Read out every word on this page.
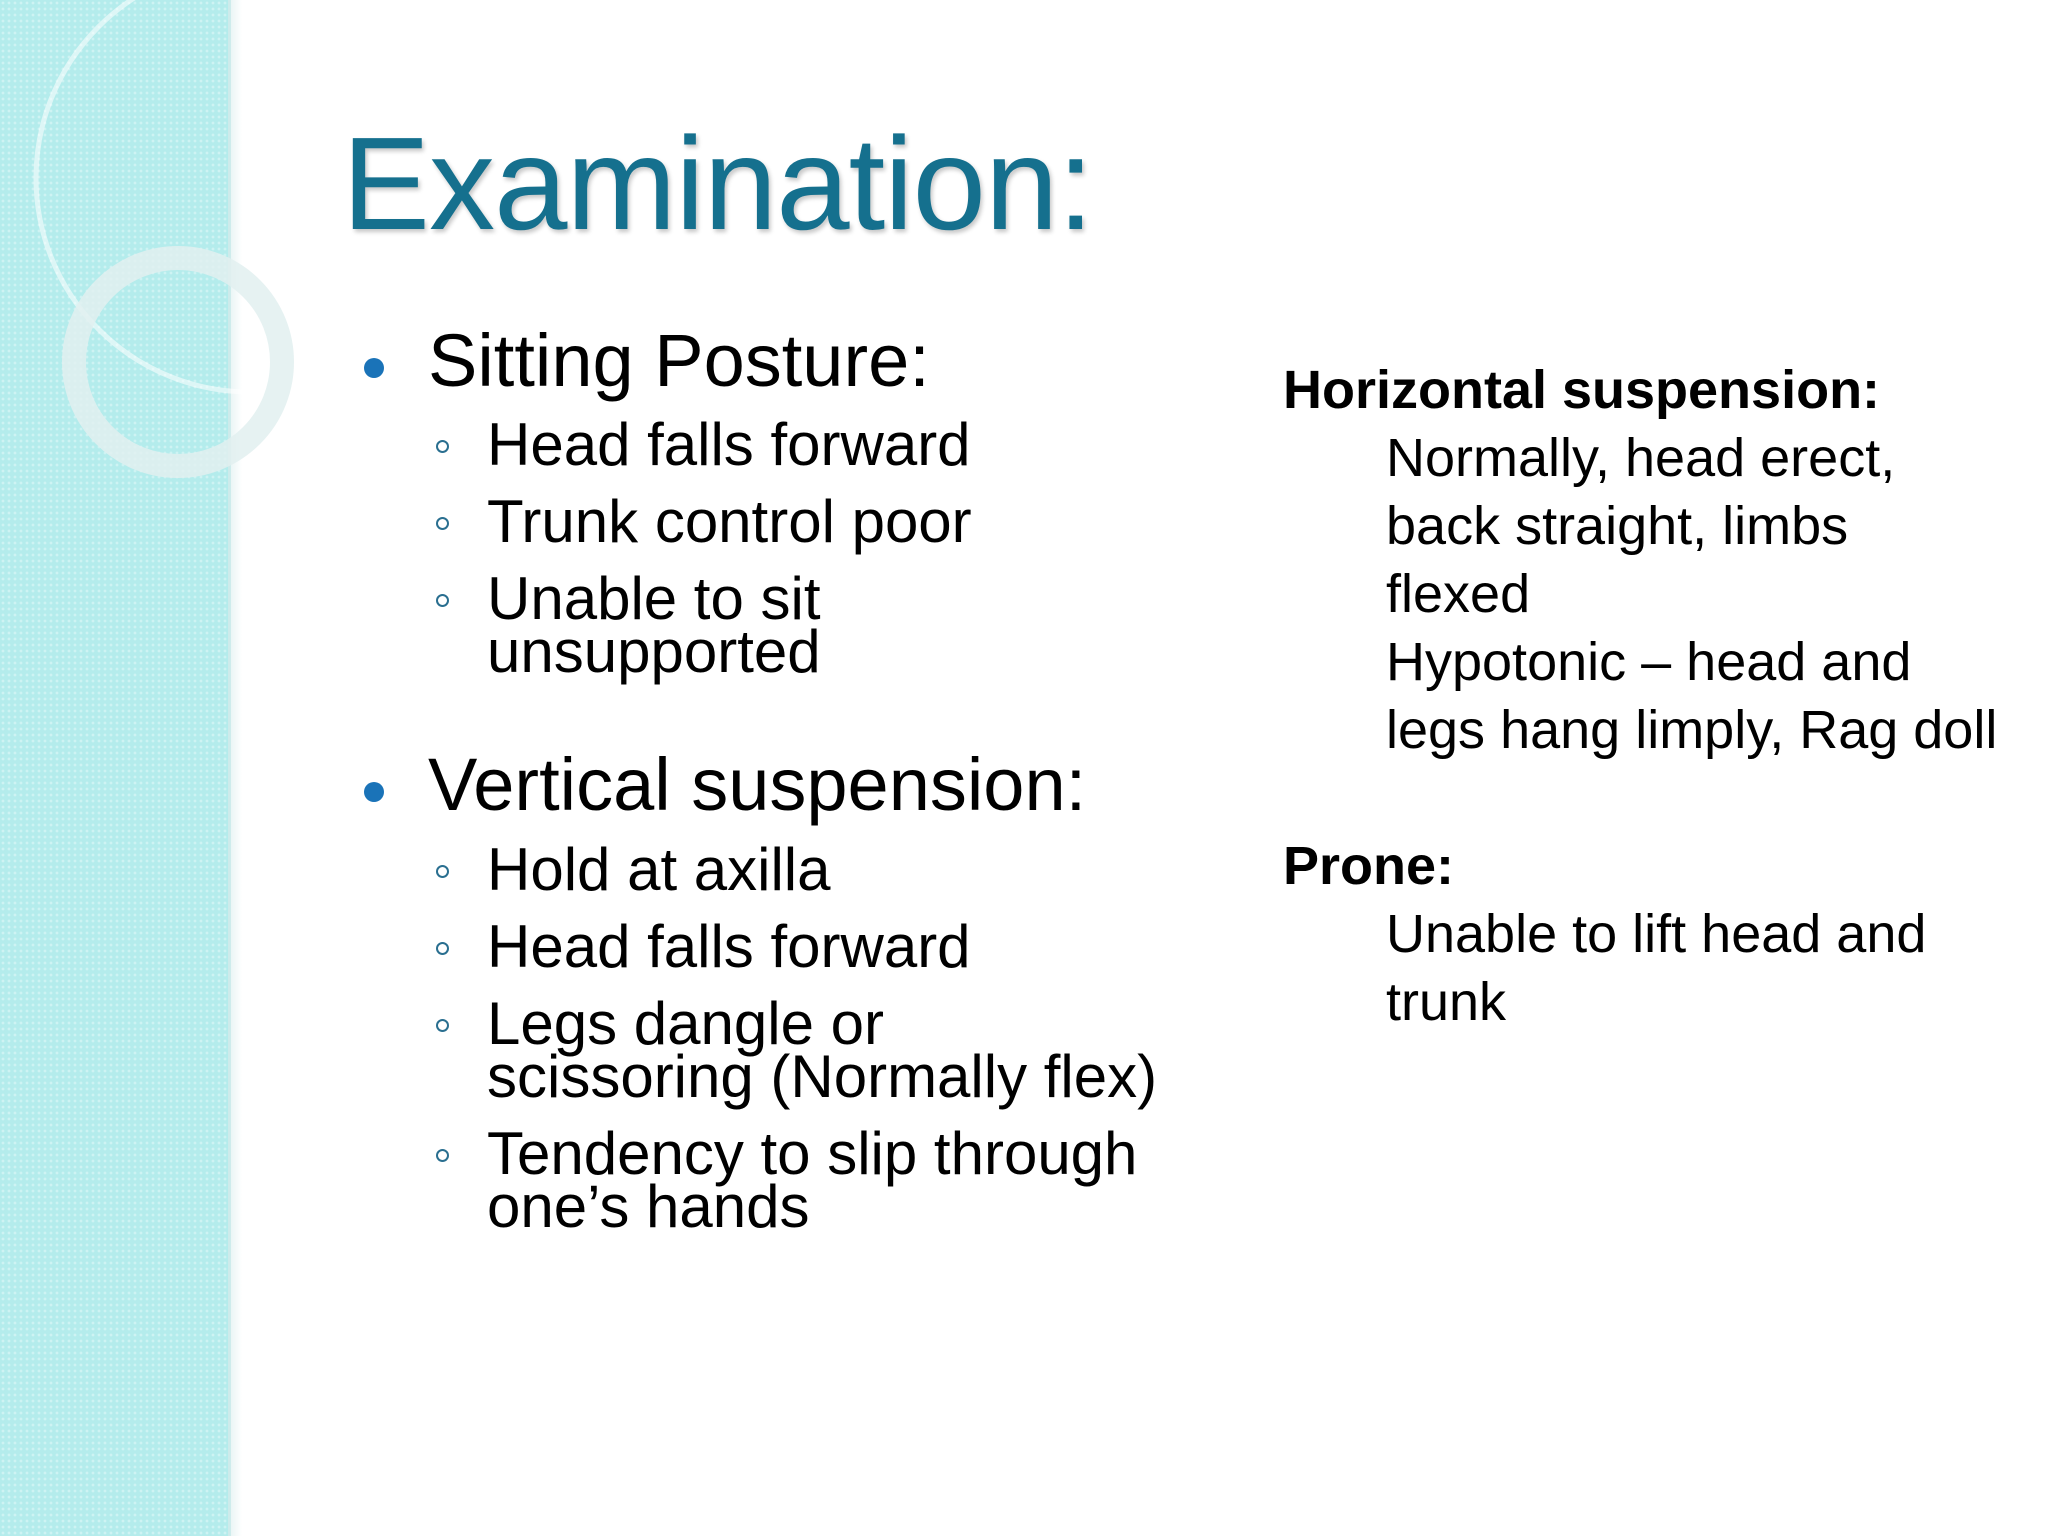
Examination:
Sitting Posture:
Head falls forward
Trunk control poor
Unable to sit unsupported
Vertical suspension:
Hold at axilla
Head falls forward
Legs dangle or scissoring (Normally flex)
Tendency to slip through one’s hands
Horizontal suspension:

Normally, head erect, back straight, limbs flexed

Hypotonic – head and legs hang limply, Rag doll

Prone:

Unable to lift head and trunk
